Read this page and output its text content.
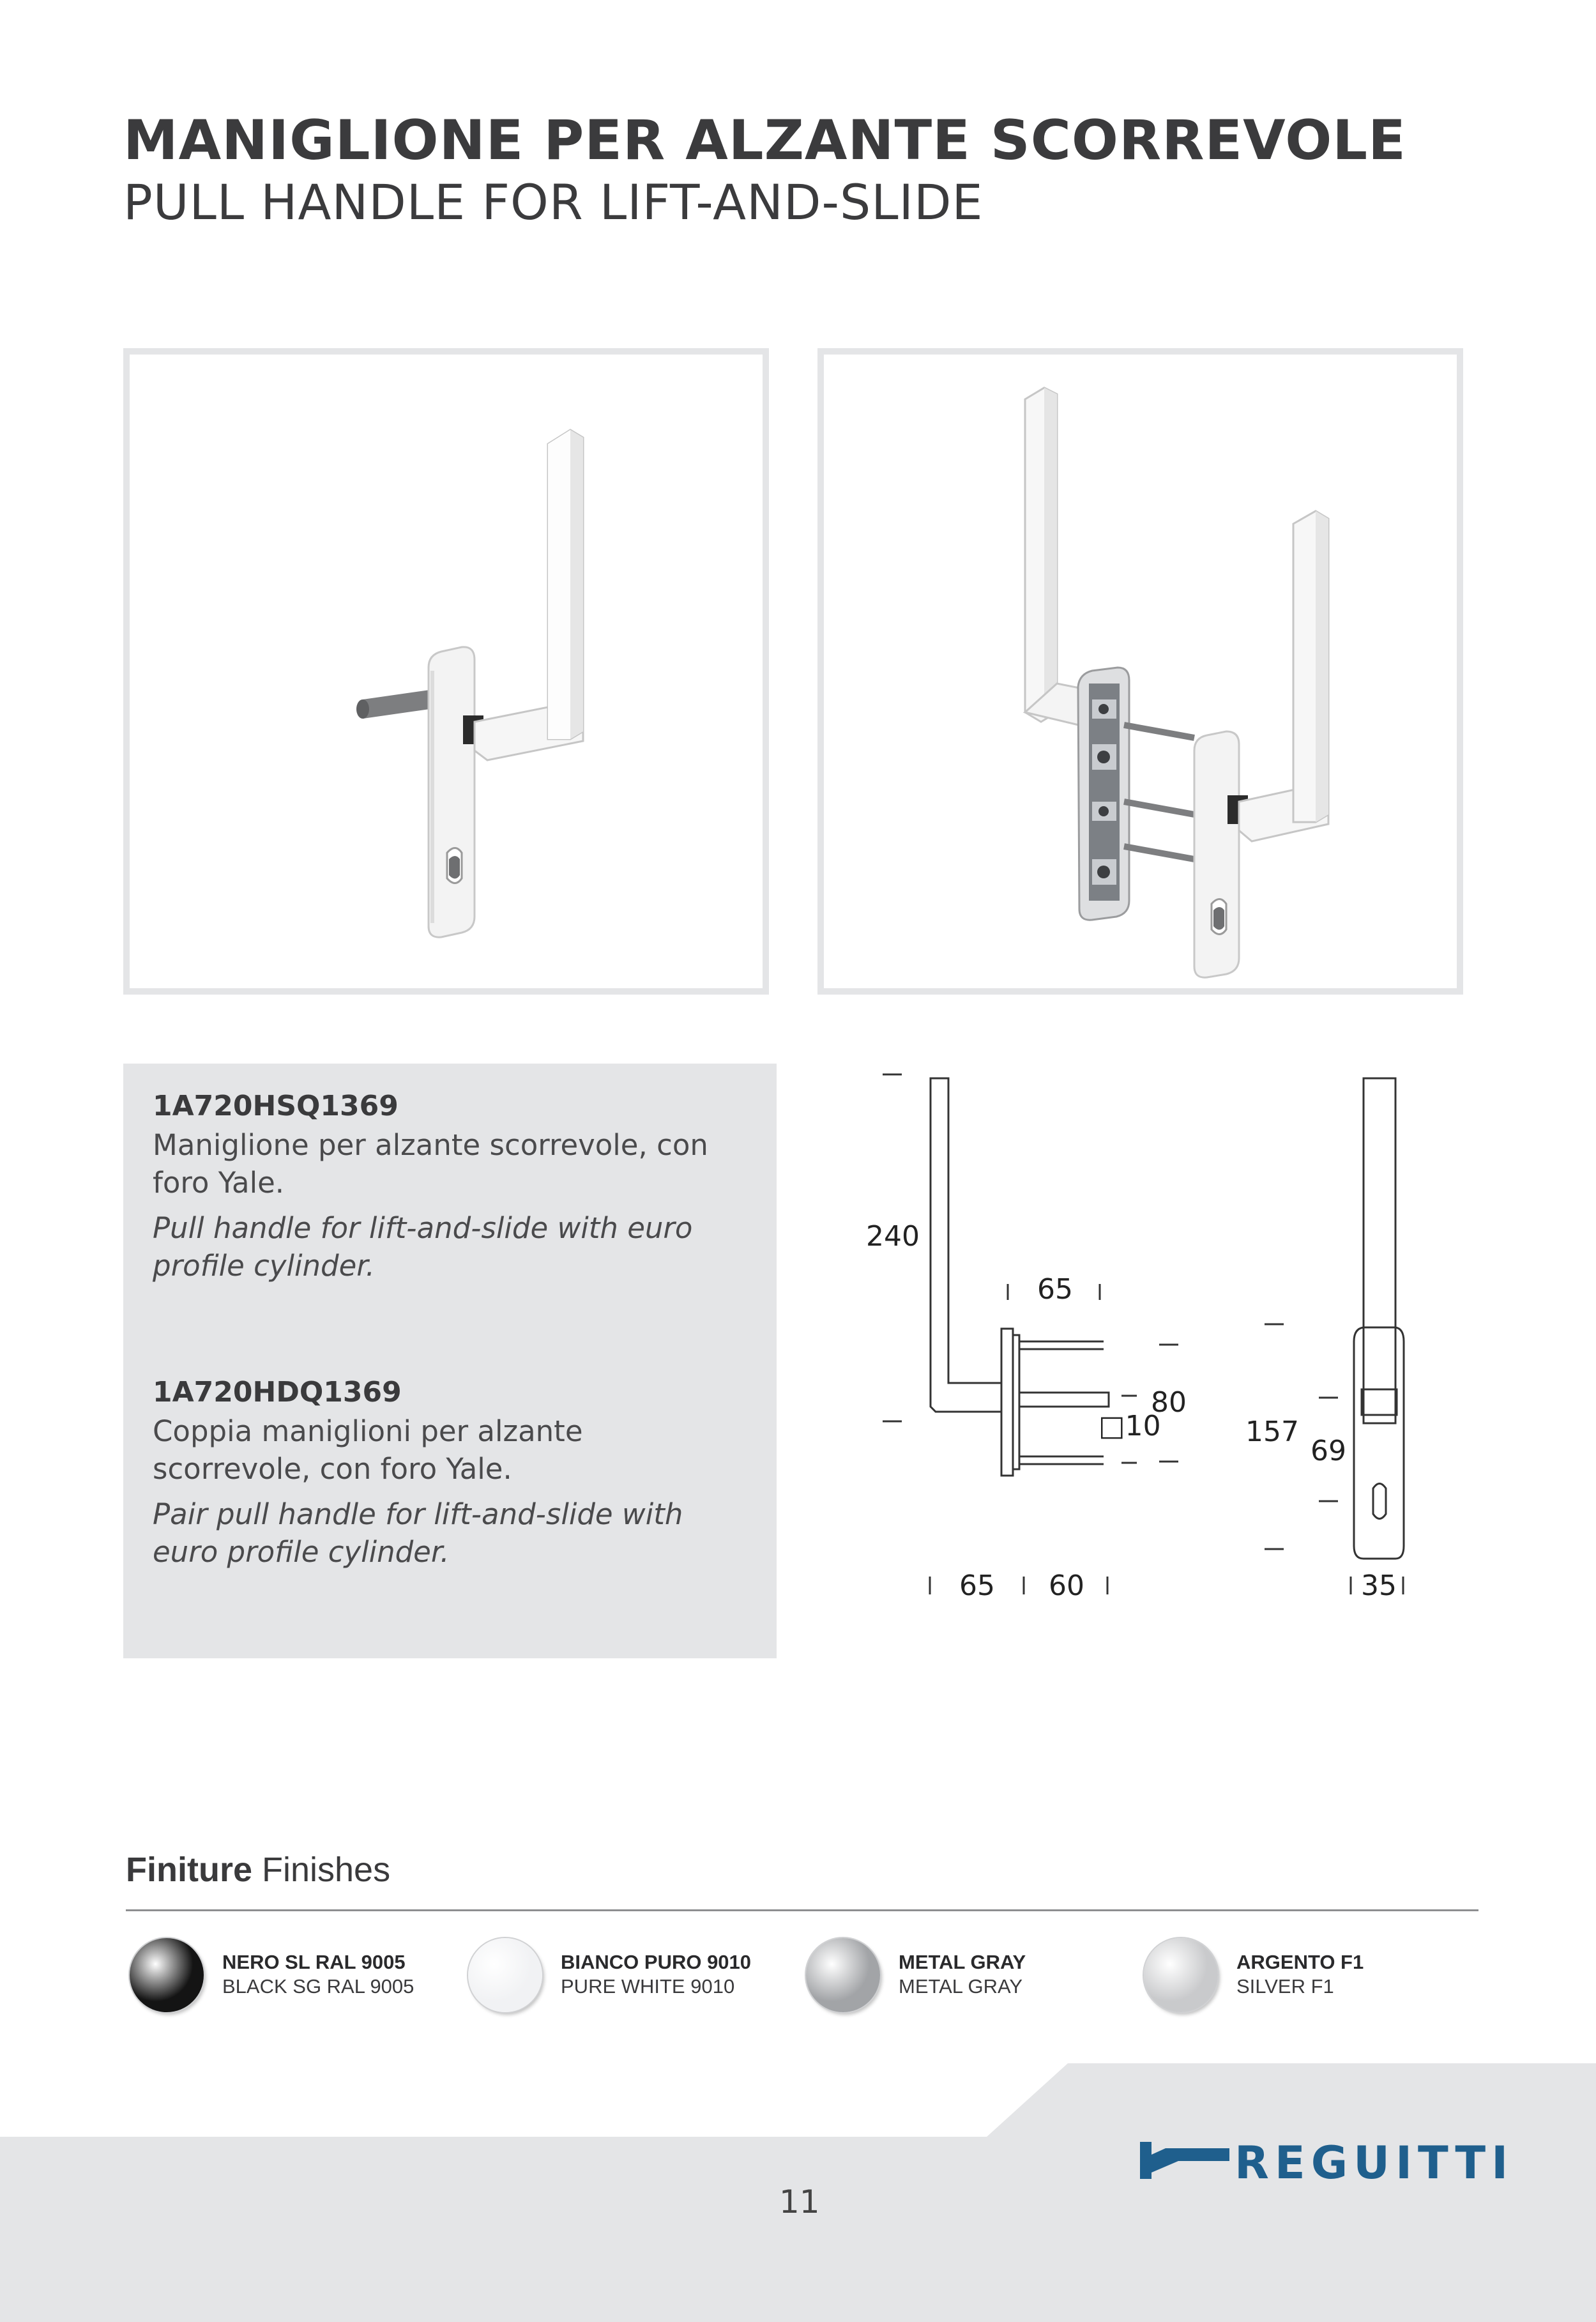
MANIGLIONE PER ALZANTE SCORREVOLE
PULL HANDLE FOR LIFT-AND-SLIDE

1A720HSQ1369

Maniglione per alzante scorrevole, con foro Yale.

Pull handle for lift-and-slide with euro profile cylinder.

1A720HDQ1369

Coppia maniglioni per alzante scorrevole, con foro Yale.

Pair pull handle for lift-and-slide with euro profile cylinder.

240
65
80
□10	157
69
65 60	35
Finiture Finishes
NERO SL RAL 9005
BLACK SG RAL 9005
BIANCO PURO 9010
PURE WHITE 9010
METAL GRAY
METAL GRAY
ARGENTO F1
SILVER F1
11
REGUITTI
